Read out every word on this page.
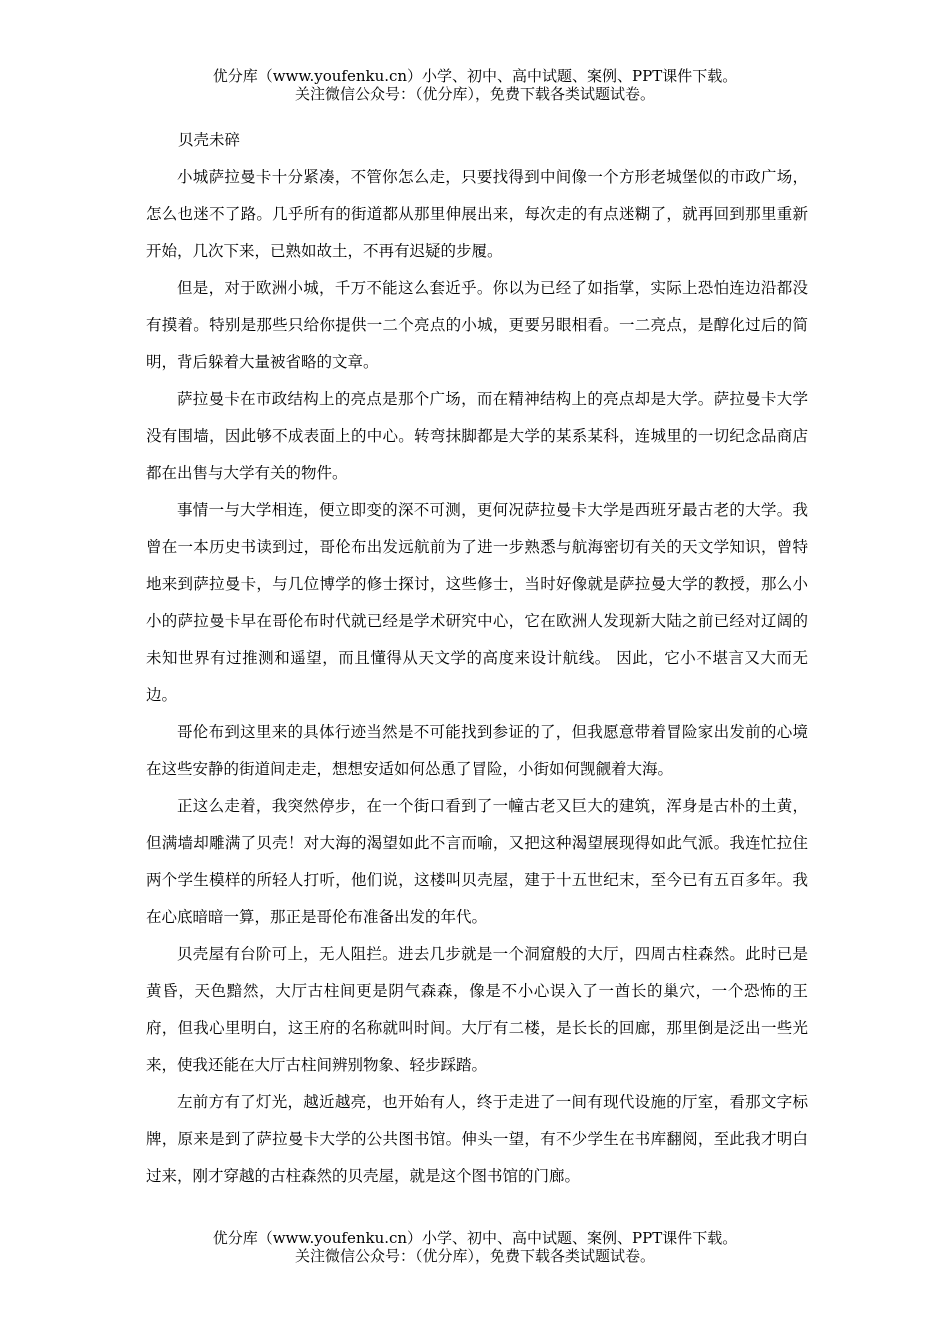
优分库（www.youfenku.cn）小学、初中、高中试题、案例、PPT课件下载。
关注微信公众号：（优分库），免费下载各类试题试卷。

贝壳未碎

小城萨拉曼卡十分紧凑，不管你怎么走，只要找得到中间像一个方形老城堡似的市政广场，怎么也迷不了路。几乎所有的街道都从那里伸展出来，每次走的有点迷糊了，就再回到那里重新开始，几次下来，已熟如故土，不再有迟疑的步履。

但是，对于欧洲小城，千万不能这么套近乎。你以为已经了如指掌，实际上恐怕连边沿都没有摸着。特别是那些只给你提供一二个亮点的小城，更要另眼相看。一二亮点，是醇化过后的简明，背后躲着大量被省略的文章。

萨拉曼卡在市政结构上的亮点是那个广场，而在精神结构上的亮点却是大学。萨拉曼卡大学没有围墙，因此够不成表面上的中心。转弯抹脚都是大学的某系某科，连城里的一切纪念品商店都在出售与大学有关的物件。

事情一与大学相连，便立即变的深不可测，更何况萨拉曼卡大学是西班牙最古老的大学。我曾在一本历史书读到过，哥伦布出发远航前为了进一步熟悉与航海密切有关的天文学知识，曾特地来到萨拉曼卡，与几位博学的修士探讨，这些修士，当时好像就是萨拉曼大学的教授，那么小小的萨拉曼卡早在哥伦布时代就已经是学术研究中心，它在欧洲人发现新大陆之前已经对辽阔的未知世界有过推测和遥望，而且懂得从天文学的高度来设计航线。 因此，它小不堪言又大而无边。

哥伦布到这里来的具体行迹当然是不可能找到参证的了，但我愿意带着冒险家出发前的心境在这些安静的街道间走走，想想安适如何怂恿了冒险，小街如何觊觎着大海。

正这么走着，我突然停步，在一个街口看到了一幢古老又巨大的建筑，浑身是古朴的土黄，但满墙却雕满了贝壳！对大海的渴望如此不言而喻，又把这种渴望展现得如此气派。我连忙拉住两个学生模样的所轻人打听，他们说，这楼叫贝壳屋，建于十五世纪末，至今已有五百多年。我在心底暗暗一算，那正是哥伦布准备出发的年代。

贝壳屋有台阶可上，无人阻拦。进去几步就是一个洞窟般的大厅，四周古柱森然。此时已是黄昏，天色黯然，大厅古柱间更是阴气森森，像是不小心误入了一酋长的巢穴，一个恐怖的王府，但我心里明白，这王府的名称就叫时间。大厅有二楼，是长长的回廊，那里倒是泛出一些光来，使我还能在大厅古柱间辨别物象、轻步踩踏。

左前方有了灯光，越近越亮，也开始有人，终于走进了一间有现代设施的厅室，看那文字标牌，原来是到了萨拉曼卡大学的公共图书馆。伸头一望，有不少学生在书库翻阅，至此我才明白过来，刚才穿越的古柱森然的贝壳屋，就是这个图书馆的门廊。

优分库（www.youfenku.cn）小学、初中、高中试题、案例、PPT课件下载。
关注微信公众号：（优分库），免费下载各类试题试卷。
